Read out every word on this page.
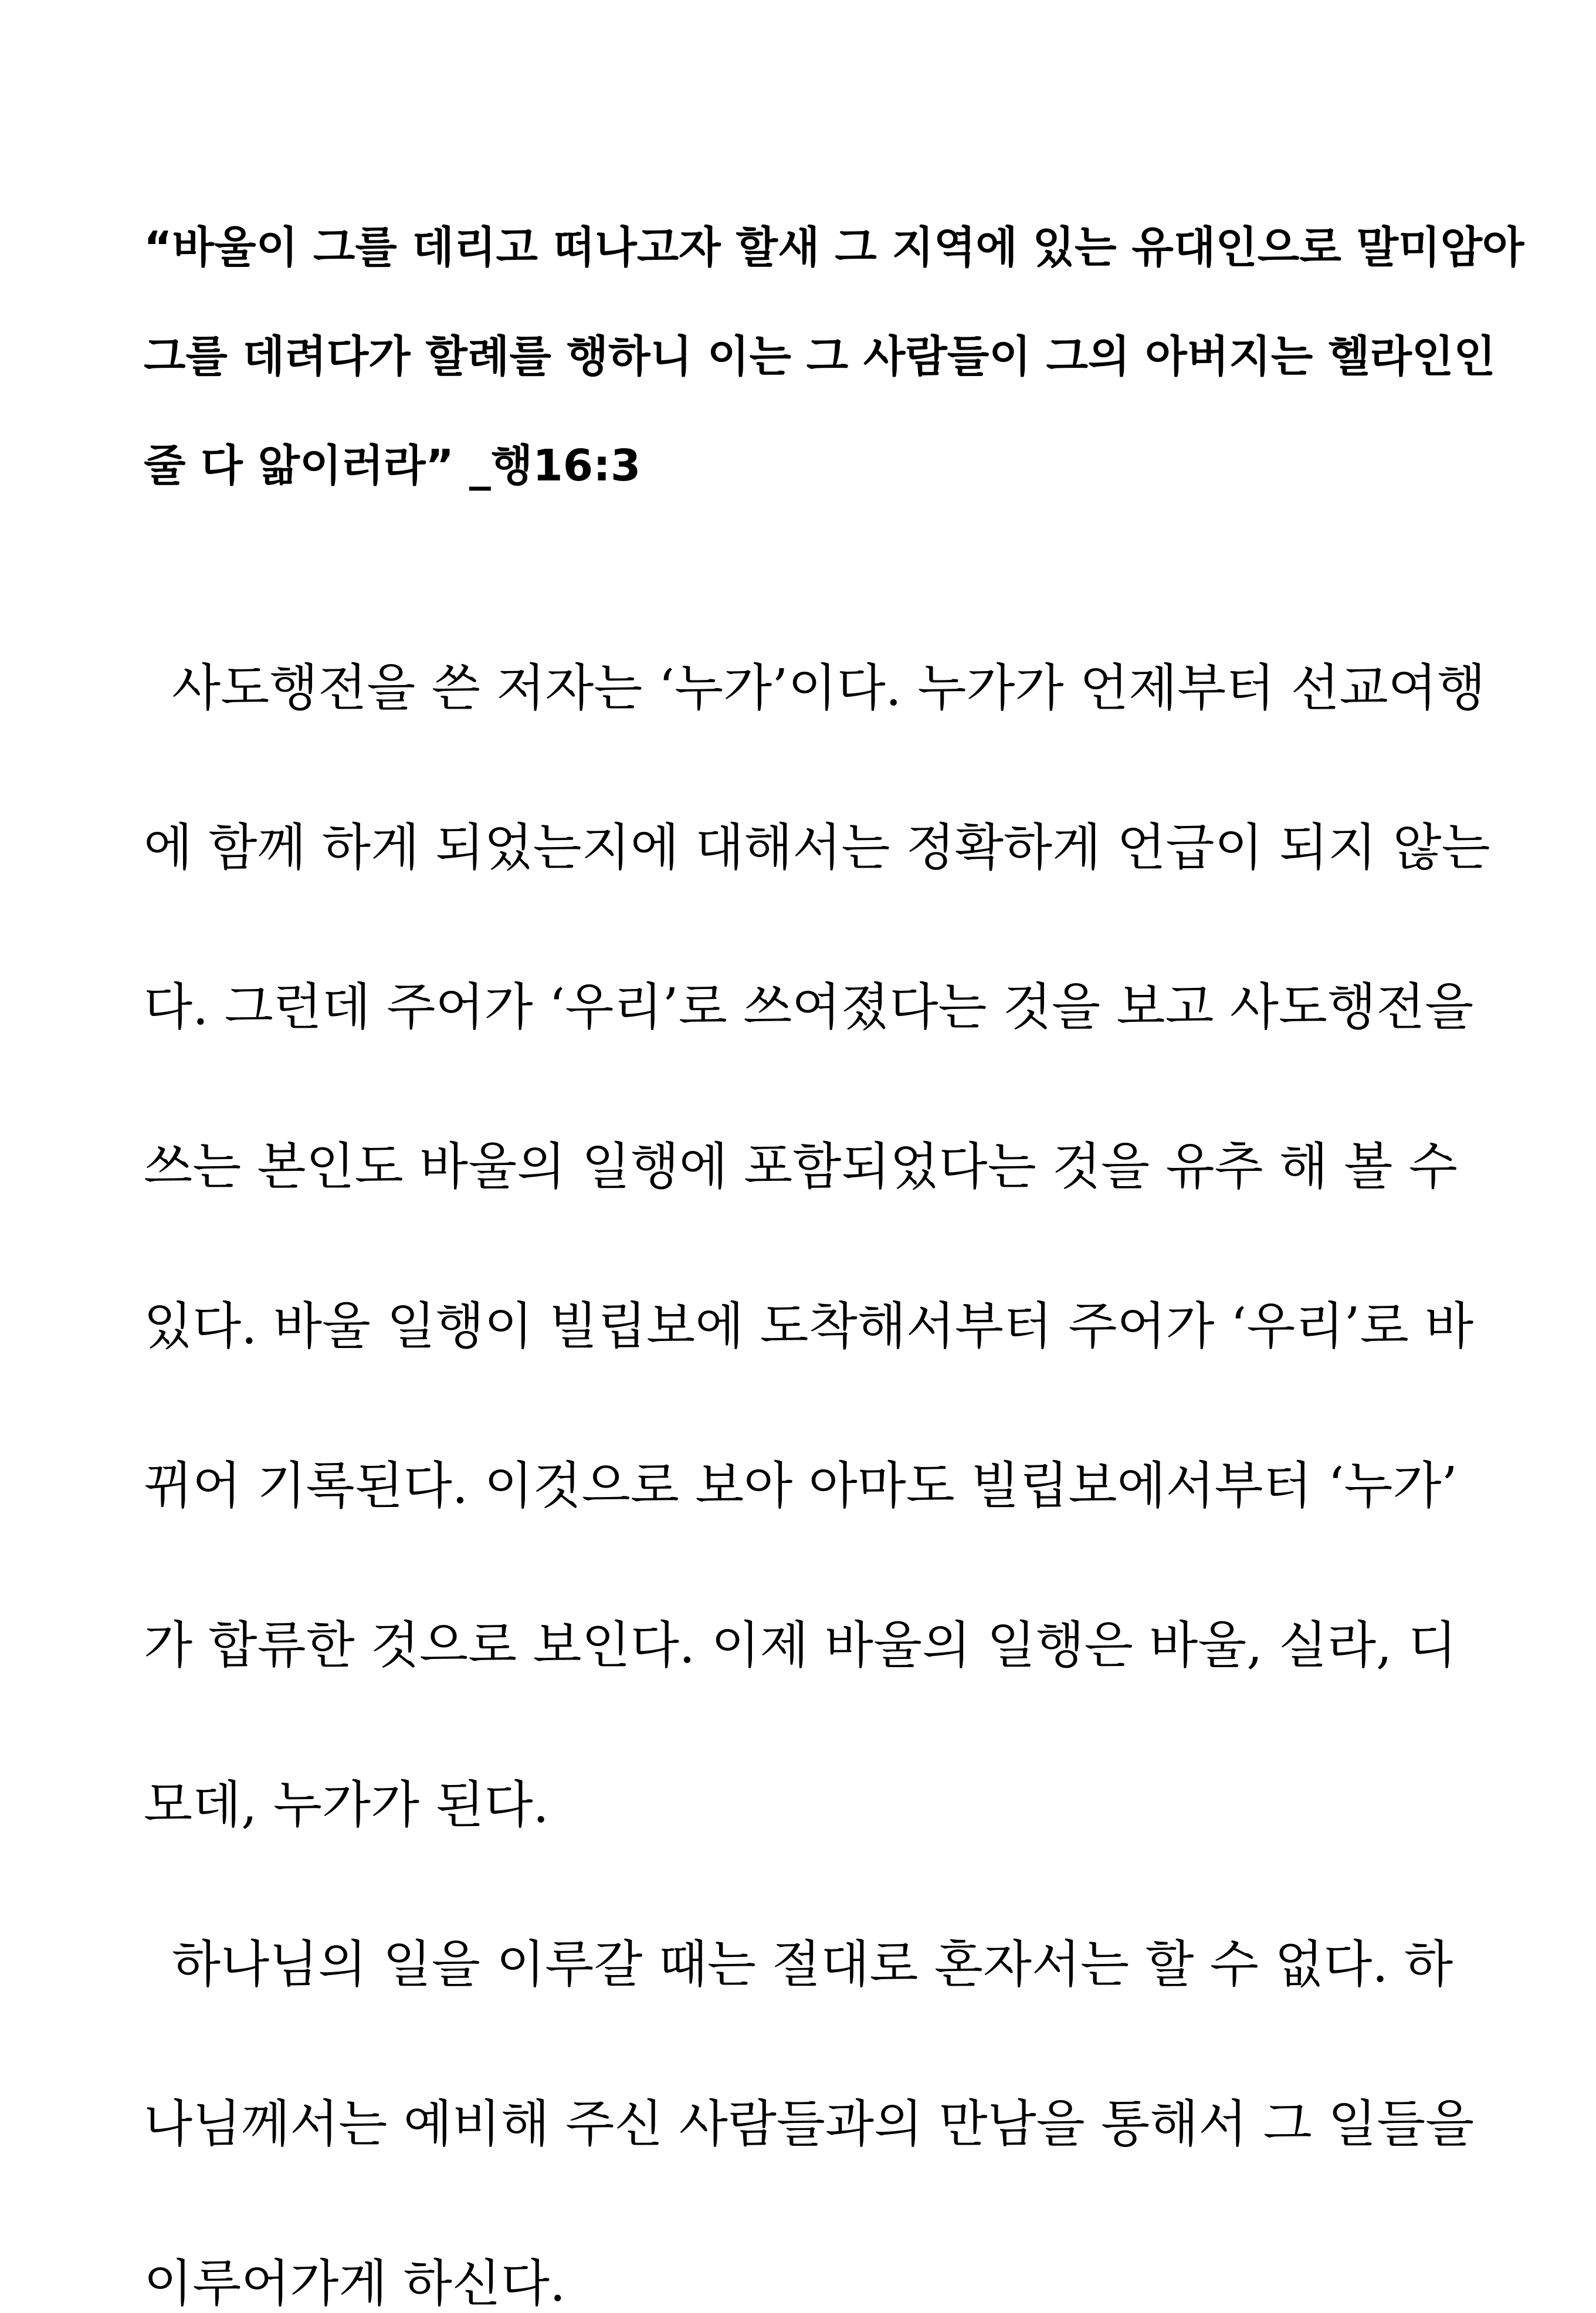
“바울이 그를 데리고 떠나고자 할새 그 지역에 있는 유대인으로 말미암아
그를 데려다가 할례를 행하니 이는 그 사람들이 그의 아버지는 헬라인인
줄 다 앎이러라” _행16:3
사도행전을 쓴 저자는 ‘누가’이다. 누가가 언제부터 선교여행
에 함께 하게 되었는지에 대해서는 정확하게 언급이 되지 않는
다. 그런데 주어가 ‘우리’로 쓰여졌다는 것을 보고 사도행전을
쓰는 본인도 바울의 일행에 포함되었다는 것을 유추 해 볼 수
있다. 바울 일행이 빌립보에 도착해서부터 주어가 ‘우리’로 바
뀌어 기록된다. 이것으로 보아 아마도 빌립보에서부터 ‘누가’
가 합류한 것으로 보인다. 이제 바울의 일행은 바울, 실라, 디
모데, 누가가 된다.
하나님의 일을 이루갈 때는 절대로 혼자서는 할 수 없다. 하
나님께서는 예비해 주신 사람들과의 만남을 통해서 그 일들을
이루어가게 하신다.
